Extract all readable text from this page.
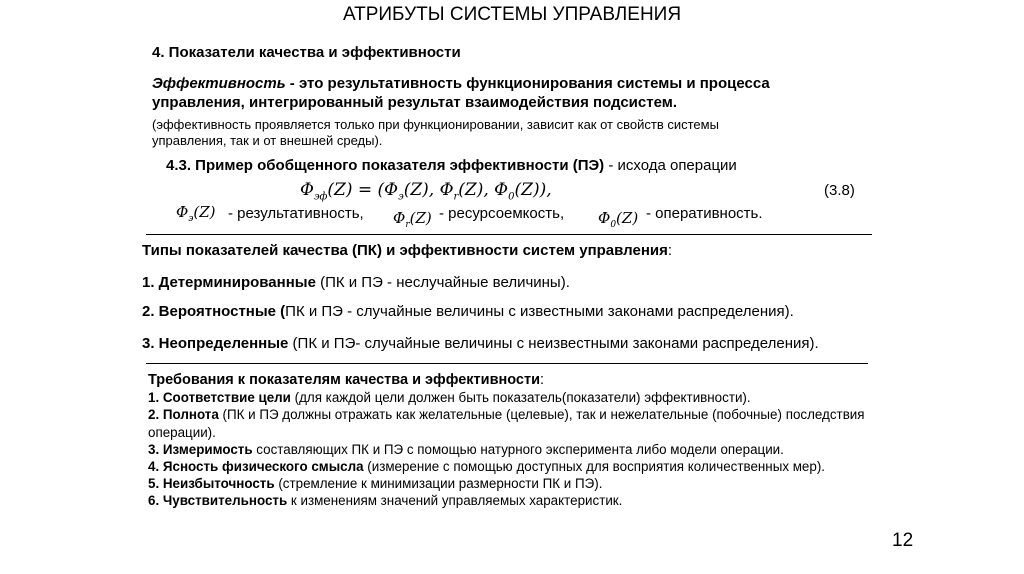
АТРИБУТЫ СИСТЕМЫ УПРАВЛЕНИЯ
4. Показатели качества и эффективности
Эффективность - это результативность функционирования системы и процесса
управления, интегрированный результат взаимодействия подсистем.
(эффективность проявляется только при функционировании, зависит как от свойств системы
управления, так и от внешней среды).
4.3. Пример обобщенного показателя эффективности (ПЭ) - исхода операции
$\Phi_{эф}(Z) = (\Phi_э(Z)$, $\Phi_r(Z)$, $\Phi_0(Z)$),	(3.8)
$\Phi_э(Z)$ - результативность, $\Phi_r(Z)$ - ресурсоемкость, $\Phi_0(Z)$ - оперативность.
Типы показателей качества (ПК) и эффективности систем управления:
1. Детерминированные (ПК и ПЭ - неслучайные величины).
2. Вероятностные (ПК и ПЭ - случайные величины с известными законами распределения).
3. Неопределенные (ПК и ПЭ- случайные величины с неизвестными законами распределения).

Требования к показателям качества и эффективности:

1. Соответствие цели (для каждой цели должен быть показатель(показатели) эффективности).

2. Полнота (ПК и ПЭ должны отражать как желательные (целевые), так и нежелательные (побочные) последствия операции).

3. Измеримость составляющих ПК и ПЭ с помощью натурного эксперимента либо модели операции.

4. Ясность физического смысла (измерение с помощью доступных для восприятия количественных мер).

5. Неизбыточность (стремление к минимизации размерности ПК и ПЭ).

6. Чувствительность к изменениям значений управляемых характеристик.

12
